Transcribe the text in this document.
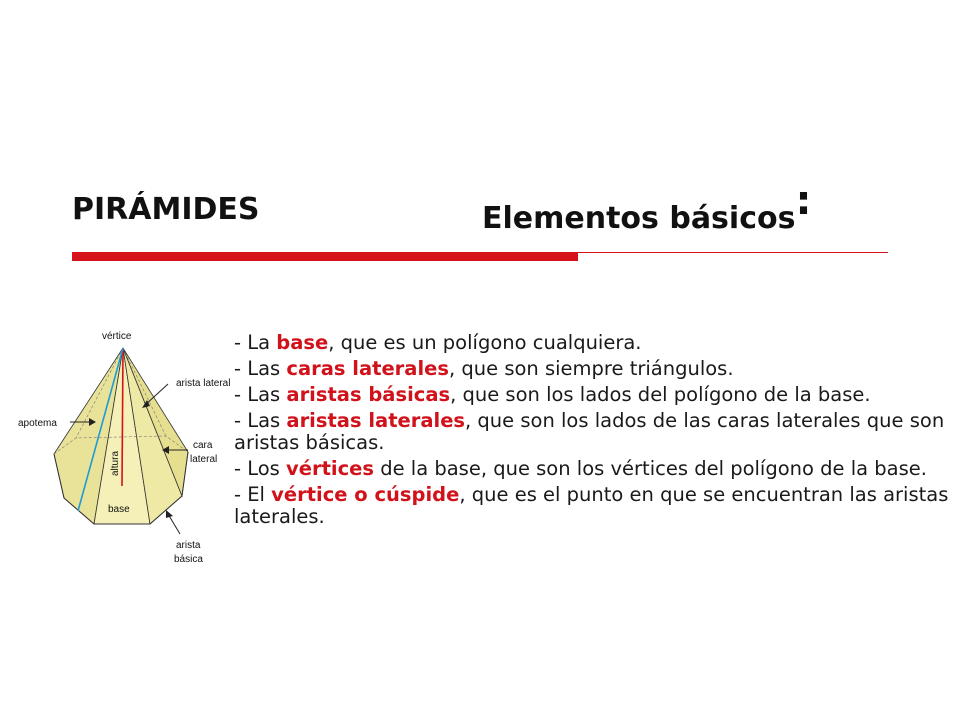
PIRÁMIDES	Elementos básicos:
vértice
arista lateral
apotema
cara
lateral
altura
base
arista
básica

- La base, que es un polígono cualquiera.

- Las caras laterales, que son siempre triángulos.

- Las aristas básicas, que son los lados del polígono de la base.

- Las aristas laterales, que son los lados de las caras laterales que son aristas básicas.

- Los vértices de la base, que son los vértices del polígono de la base.

- El vértice o cúspide, que es el punto en que se encuentran las aristas laterales.
